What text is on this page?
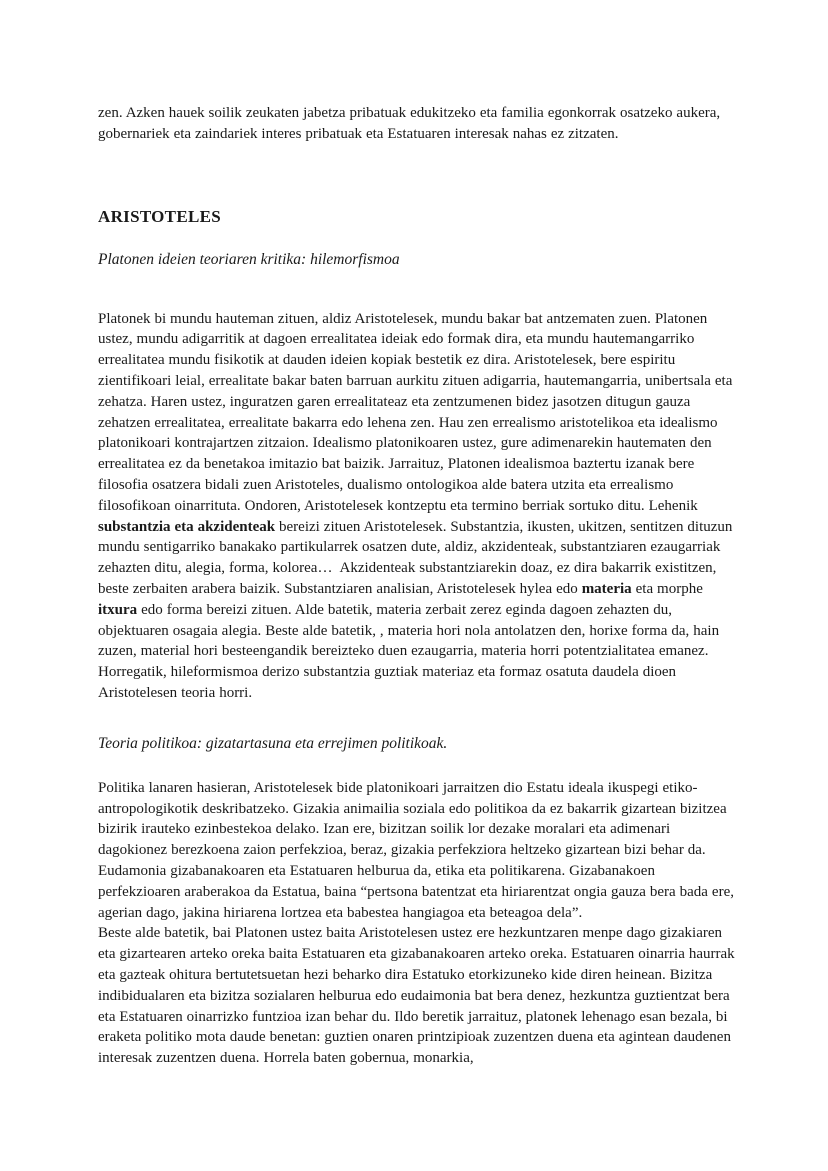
zen. Azken hauek soilik zeukaten jabetza pribatuak edukitzeko eta familia egonkorrak osatzeko aukera, gobernariek eta zaindariek interes pribatuak eta Estatuaren interesak nahas ez zitzaten.

ARISTOTELES

Platonen ideien teoriaren kritika: hilemorfismoa

Platonek bi mundu hauteman zituen, aldiz Aristotelesek, mundu bakar bat antzematen zuen. Platonen ustez, mundu adigarritik at dagoen errealitatea ideiak edo formak dira, eta mundu hautemangarriko errealitatea mundu fisikotik at dauden ideien kopiak bestetik ez dira. Aristotelesek, bere espiritu zientifikoari leial, errealitate bakar baten barruan aurkitu zituen adigarria, hautemangarria, unibertsala eta zehatza. Haren ustez, inguratzen garen errealitateaz eta zentzumenen bidez jasotzen ditugun gauza zehatzen errealitatea, errealitate bakarra edo lehena zen. Hau zen errealismo aristotelikoa eta idealismo platonikoari kontrajartzen zitzaion. Idealismo platonikoaren ustez, gure adimenarekin hautematen den errealitatea ez da benetakoa imitazio bat baizik. Jarraituz, Platonen idealismoa baztertu izanak bere filosofia osatzera bidali zuen Aristoteles, dualismo ontologikoa alde batera utzita eta errealismo filosofikoan oinarrituta. Ondoren, Aristotelesek kontzeptu eta termino berriak sortuko ditu. Lehenik substantzia eta akzidenteak bereizi zituen Aristotelesek. Substantzia, ikusten, ukitzen, sentitzen dituzun mundu sentigarriko banakako partikularrek osatzen dute, aldiz, akzidenteak, substantziaren ezaugarriak zehazten ditu, alegia, forma, kolorea…  Akzidenteak substantziarekin doaz, ez dira bakarrik existitzen, beste zerbaiten arabera baizik. Substantziaren analisian, Aristotelesek hylea edo materia eta morphe itxura edo forma bereizi zituen. Alde batetik, materia zerbait zerez eginda dagoen zehazten du, objektuaren osagaia alegia. Beste alde batetik, , materia hori nola antolatzen den, horixe forma da, hain zuzen, material hori besteengandik bereizteko duen ezaugarria, materia horri potentzialitatea emanez. Horregatik, hileformismoa derizo substantzia guztiak materiaz eta formaz osatuta daudela dioen Aristotelesen teoria horri.

Teoria politikoa: gizatartasuna eta errejimen politikoak.

Politika lanaren hasieran, Aristotelesek bide platonikoari jarraitzen dio Estatu ideala ikuspegi etiko-antropologikotik deskribatzeko. Gizakia animailia soziala edo politikoa da ez bakarrik gizartean bizitzea bizirik irauteko ezinbestekoa delako. Izan ere, bizitzan soilik lor dezake moralari eta adimenari dagokionez berezkoena zaion perfekzioa, beraz, gizakia perfekziora heltzeko gizartean bizi behar da. Eudamonia gizabanakoaren eta Estatuaren helburua da, etika eta politikarena. Gizabanakoen perfekzioaren araberakoa da Estatua, baina “pertsona batentzat eta hiriarentzat ongia gauza bera bada ere, agerian dago, jakina hiriarena lortzea eta babestea hangiagoa eta beteagoa dela”.

Beste alde batetik, bai Platonen ustez baita Aristotelesen ustez ere hezkuntzaren menpe dago gizakiaren eta gizartearen arteko oreka baita Estatuaren eta gizabanakoaren arteko oreka. Estatuaren oinarria haurrak eta gazteak ohitura bertutetsuetan hezi beharko dira Estatuko etorkizuneko kide diren heinean. Bizitza indibidualaren eta bizitza sozialaren helburua edo eudaimonia bat bera denez, hezkuntza guztientzat bera eta Estatuaren oinarrizko funtzioa izan behar du. Ildo beretik jarraituz, platonek lehenago esan bezala, bi eraketa politiko mota daude benetan: guztien onaren printzipioak zuzentzen duena eta agintean daudenen interesak zuzentzen duena. Horrela baten gobernua, monarkia,
